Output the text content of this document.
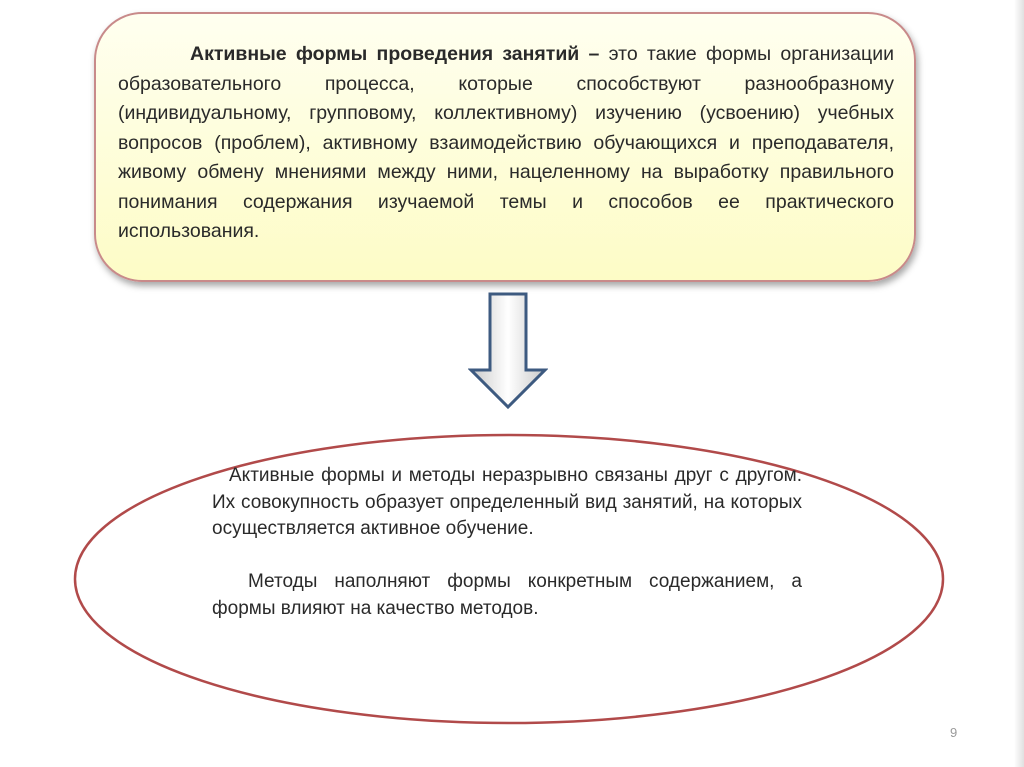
Активные формы проведения занятий – это такие формы организации образовательного процесса, которые способствуют разнообразному (индивидуальному, групповому, коллективному) изучению (усвоению) учебных вопросов (проблем), активному взаимодействию обучающихся и преподавателя, живому обмену мнениями между ними, нацеленному на выработку правильного понимания содержания изучаемой темы и способов ее практического использования.

Активные формы и методы неразрывно связаны друг с другом. Их совокупность образует определенный вид занятий, на которых осуществляется активное обучение.

Методы наполняют формы конкретным содержанием, а формы влияют на качество методов.

9
